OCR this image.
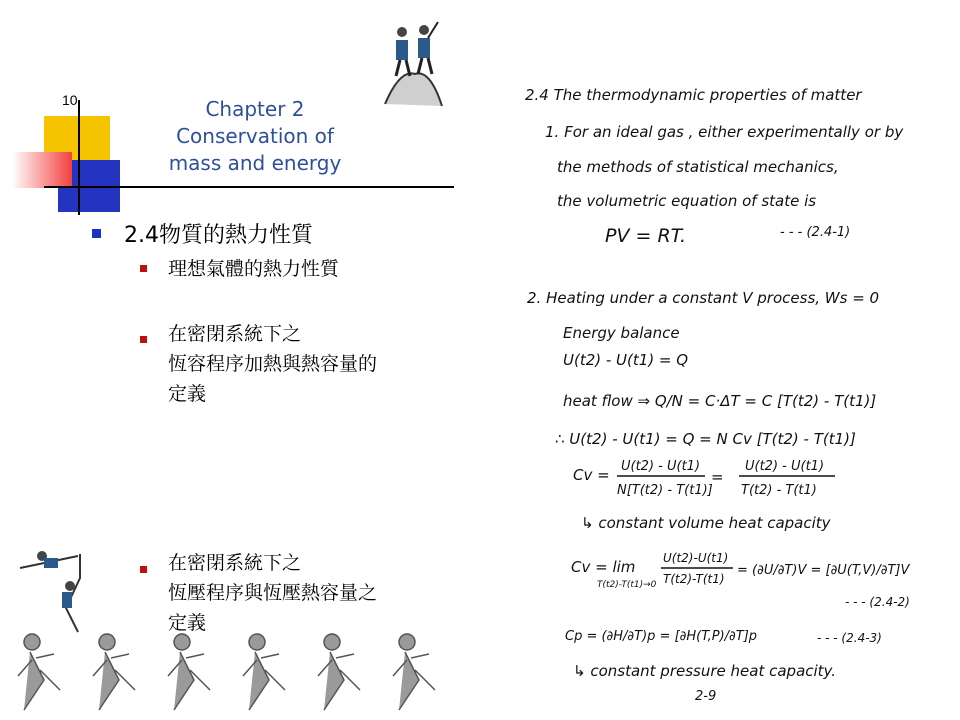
10	Chapter 2
Conservation of
mass and energy
2.4物質的熱力性質
理想氣體的熱力性質
在密閉系統下之
恆容程序加熱與熱容量的
定義
在密閉系統下之
恆壓程序與恆壓熱容量之
定義
2.4 The thermodynamic properties of matter
1. For an ideal gas , either experimentally or by
the methods of statistical mechanics,
the volumetric equation of state is
PV = RT.	- - - (2.4-1)
2. Heating under a constant V process, Ws = 0
Energy balance
U(t2) - U(t1) = Q
heat flow ⇒ Q/N = C·ΔT = C [T(t2) - T(t1)]
∴ U(t2) - U(t1) = Q = N Cv [T(t2) - T(t1)]
Cv = U(t2) - U(t1)
N[T(t2) - T(t1)]
=
U(t2) - U(t1)
T(t2) - T(t1)
↳ constant volume heat capacity
Cv = lim
T(t2)-T(t1)→0
U(t2)-U(t1)
T(t2)-T(t1)
= (∂U/∂T)V = [∂U(T,V)/∂T]V
- - - (2.4-2)
Cp = (∂H/∂T)p = [∂H(T,P)/∂T]p	- - - (2.4-3)
↳ constant pressure heat capacity.
2-9
